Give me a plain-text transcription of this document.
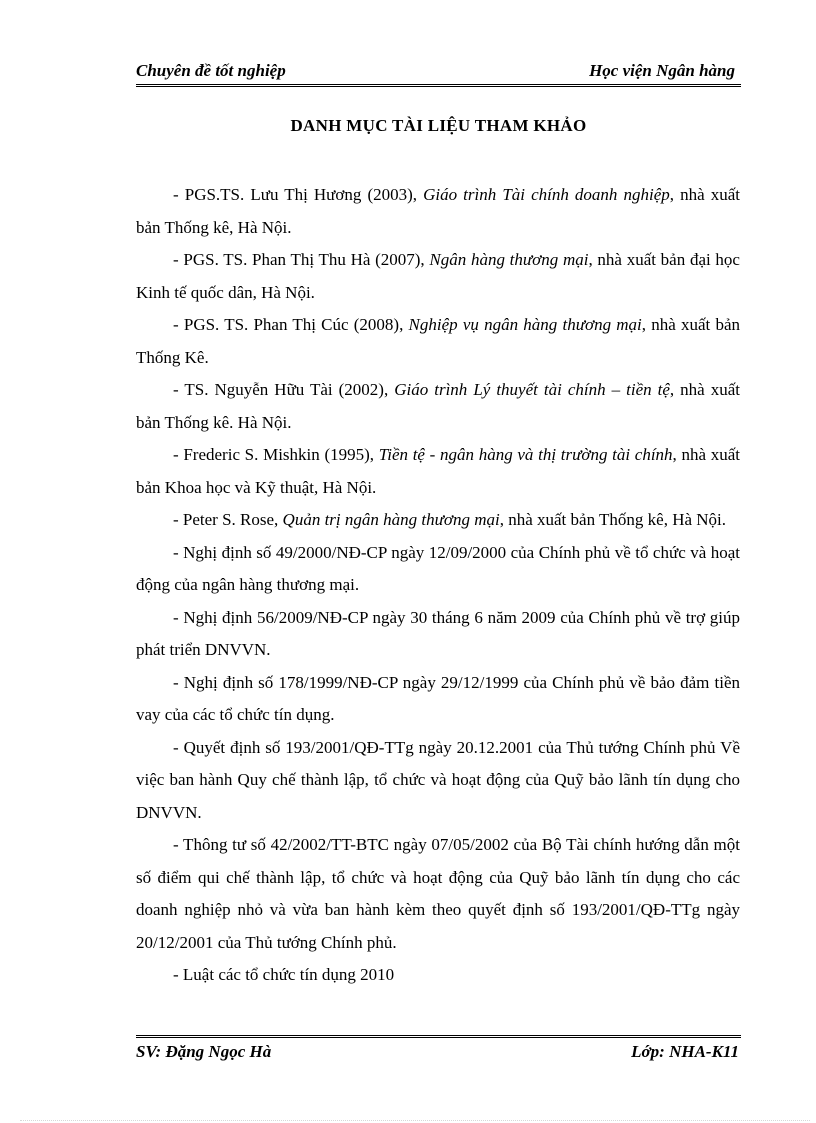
Chuyên đề tốt nghiệp	Học viện Ngân hàng
DANH MỤC TÀI LIỆU THAM KHẢO

- PGS.TS. Lưu Thị Hương (2003), Giáo trình Tài chính doanh nghiệp, nhà xuất bản Thống kê, Hà Nội.

- PGS. TS. Phan Thị Thu Hà (2007), Ngân hàng thương mại, nhà xuất bản đại học Kinh tế quốc dân, Hà Nội.

- PGS. TS. Phan Thị Cúc (2008), Nghiệp vụ ngân hàng thương mại, nhà xuất bản Thống Kê.

- TS. Nguyễn Hữu Tài (2002), Giáo trình Lý thuyết tài chính – tiền tệ, nhà xuất bản Thống kê. Hà Nội.

- Frederic S. Mishkin (1995), Tiền tệ - ngân hàng và thị trường tài chính, nhà xuất bản Khoa học và Kỹ thuật, Hà Nội.

- Peter S. Rose, Quản trị ngân hàng thương mại, nhà xuất bản Thống kê, Hà Nội.

- Nghị định số 49/2000/NĐ-CP ngày 12/09/2000 của Chính phủ về tổ chức và hoạt động của ngân hàng thương mại.

- Nghị định 56/2009/NĐ-CP ngày 30 tháng 6 năm 2009 của Chính phủ về trợ giúp phát triển DNVVN.

- Nghị định số 178/1999/NĐ-CP ngày 29/12/1999 của Chính phủ về bảo đảm tiền vay của các tổ chức tín dụng.

- Quyết định số 193/2001/QĐ-TTg ngày 20.12.2001 của Thủ tướng Chính phủ Về việc ban hành Quy chế thành lập, tổ chức và hoạt động của Quỹ bảo lãnh tín dụng cho DNVVN.

- Thông tư số 42/2002/TT-BTC ngày 07/05/2002 của Bộ Tài chính hướng dẫn một số điểm qui chế thành lập, tổ chức và hoạt động của Quỹ bảo lãnh tín dụng cho các doanh nghiệp nhỏ và vừa ban hành kèm theo quyết định số 193/2001/QĐ-TTg ngày 20/12/2001 của Thủ tướng Chính phủ.

- Luật các tổ chức tín dụng 2010

SV: Đặng Ngọc Hà	Lớp: NHA-K11
